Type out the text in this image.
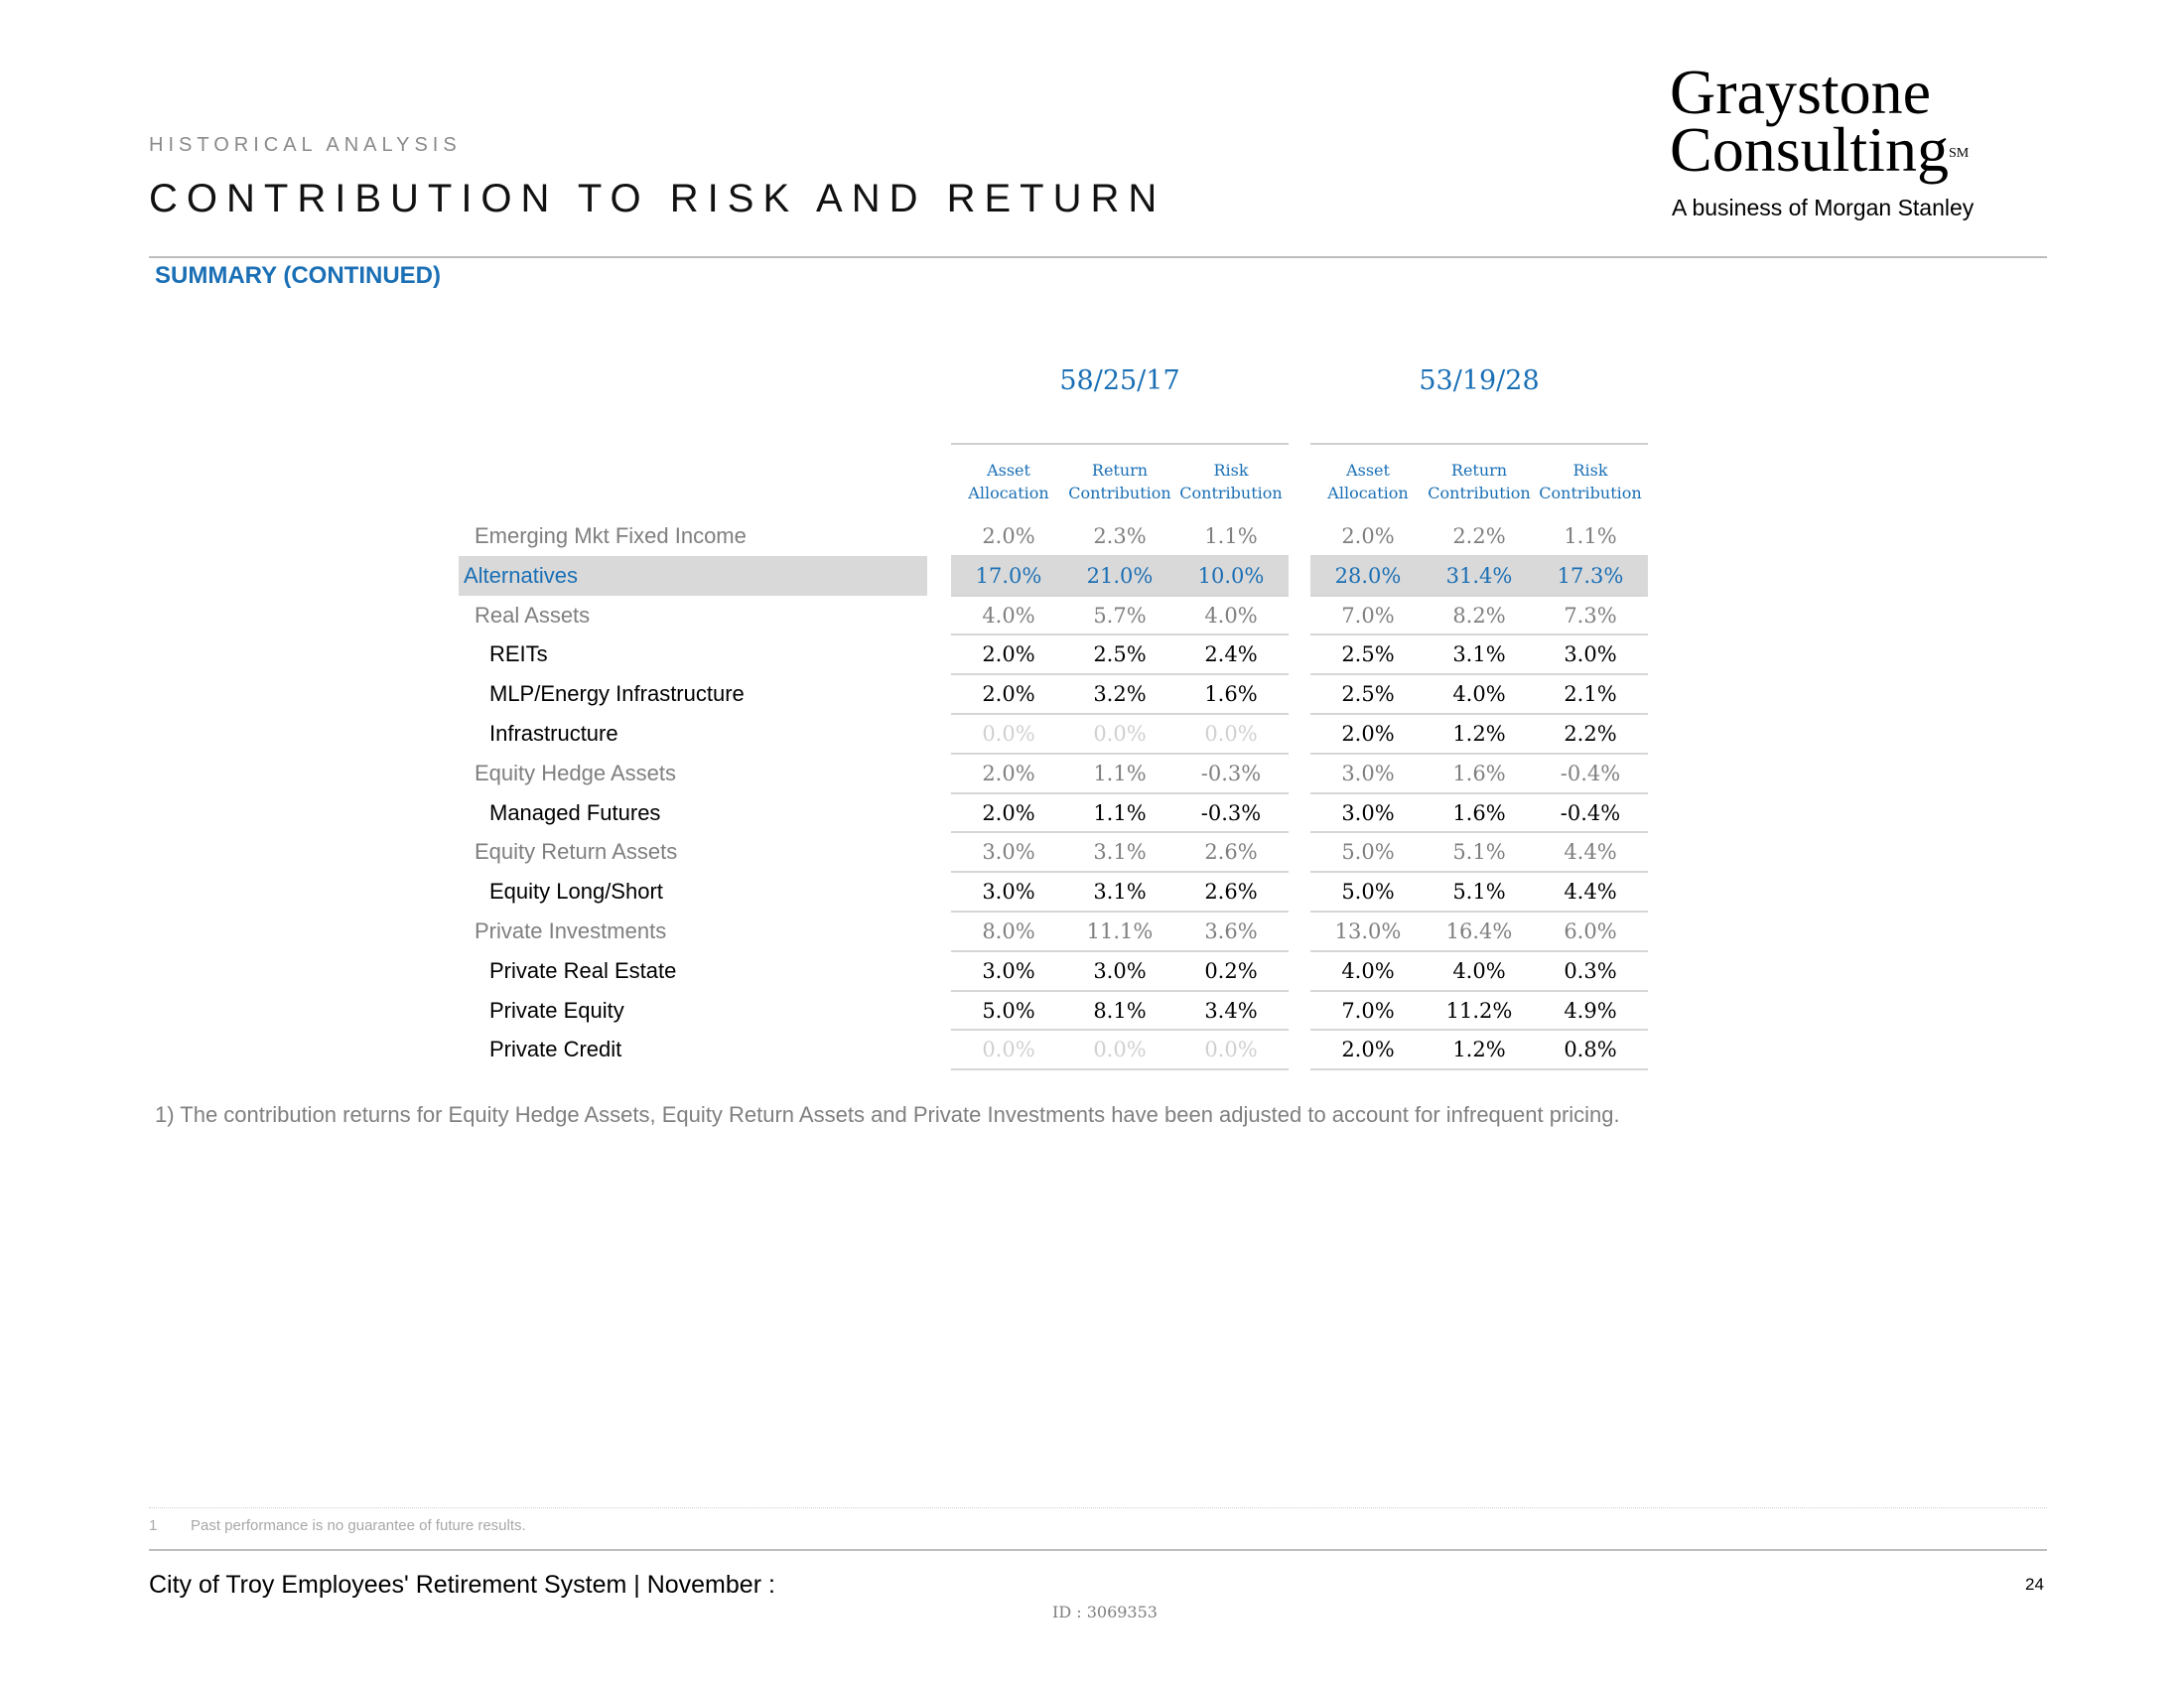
HISTORICAL ANALYSIS
CONTRIBUTION TO RISK AND RETURN
Graystone
Consulting℠
A business of Morgan Stanley
SUMMARY (CONTINUED)
58/25/17
Asset
Allocation
Return
Contribution
Risk
Contribution
53/19/28
Asset
Allocation
Return
Contribution
Risk
Contribution
Emerging Mkt Fixed Income	2.0%	2.3%	1.1%	2.0%	2.2%	1.1%
Alternatives	17.0%	21.0%	10.0%	28.0%	31.4%	17.3%
Real Assets	4.0%	5.7%	4.0%	7.0%	8.2%	7.3%
REITs	2.0%	2.5%	2.4%	2.5%	3.1%	3.0%
MLP/Energy Infrastructure	2.0%	3.2%	1.6%	2.5%	4.0%	2.1%
Infrastructure	0.0%	0.0%	0.0%	2.0%	1.2%	2.2%
Equity Hedge Assets	2.0%	1.1%	-0.3%	3.0%	1.6%	-0.4%
Managed Futures	2.0%	1.1%	-0.3%	3.0%	1.6%	-0.4%
Equity Return Assets	3.0%	3.1%	2.6%	5.0%	5.1%	4.4%
Equity Long/Short	3.0%	3.1%	2.6%	5.0%	5.1%	4.4%
Private Investments	8.0%	11.1%	3.6%	13.0%	16.4%	6.0%
Private Real Estate	3.0%	3.0%	0.2%	4.0%	4.0%	0.3%
Private Equity	5.0%	8.1%	3.4%	7.0%	11.2%	4.9%
Private Credit	0.0%	0.0%	0.0%	2.0%	1.2%	0.8%
1) The contribution returns for Equity Hedge Assets, Equity Return Assets and Private Investments have been adjusted to account for infrequent pricing.
1 Past performance is no guarantee of future results.
City of Troy Employees' Retirement System | November :	24
ID : 3069353
